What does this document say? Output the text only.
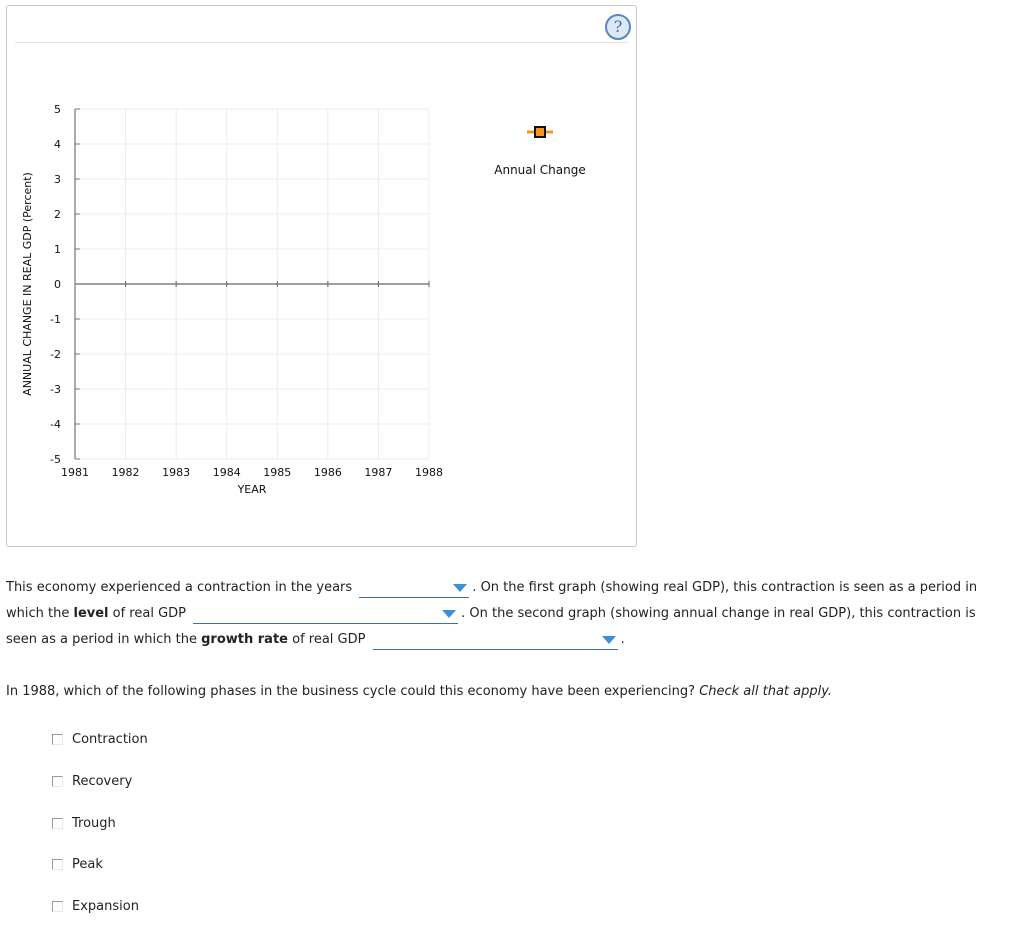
?
5
4
3
2
1
0
-1
-2
-3
-4
-5
1981 1982 1983 1984 1985 1986 1987 1988
YEAR
ANNUAL CHANGE IN REAL GDP (Percent)
Annual Change
This economy experienced a contraction in the years	. On the first graph (showing real GDP), this contraction is seen as a period in
which the level of real GDP	. On the second graph (showing annual change in real GDP), this contraction is
seen as a period in which the growth rate of real GDP	.
In 1988, which of the following phases in the business cycle could this economy have been experiencing? Check all that apply.
Contraction
Recovery
Trough
Peak
Expansion
